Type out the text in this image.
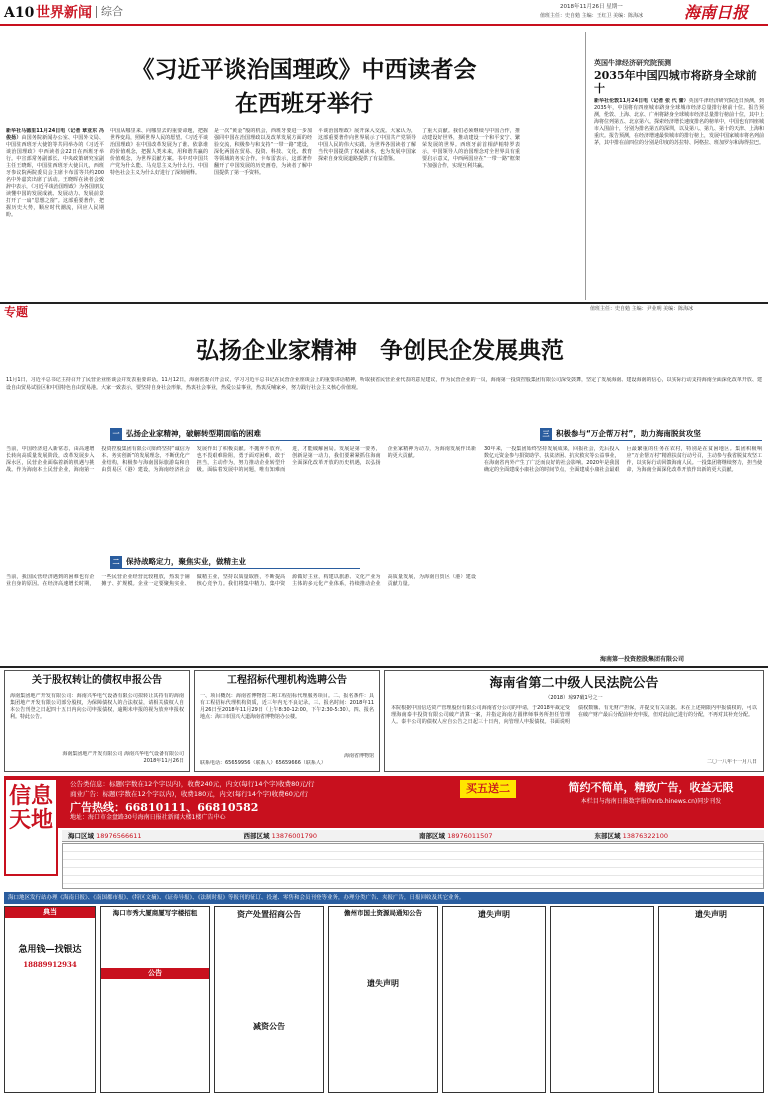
A10 世界新闻 综合	2018年11月26日 星期一
值班主任：史自勉 主编：王红卫 美编：陈海冰	海南日报
《习近平谈治国理政》中西读者会
在西班牙举行
新华社马德里11月24日电（记者 章亚东 冯俊扬）由国务院新闻办公室、中国外文局、中国驻西班牙大使馆等共同举办的《习近平谈治国理政》中西读者会22日在西班牙举行。中宣部常务副部长、中央政策研究室副主任王晓晖，中国驻西班牙大使吕凡，西班牙参议院两院委员会主席卡布雷等共约200名中外嘉宾出席了活动。王晓晖在读者会致辞中表示，《习近平谈治国理政》为各国朋友读懂中国的发展成就、发展动力、发展前景打开了一扇“思想之窗”。这部重要著作，把握历史大势，顺应时代潮流，回应人民期盼。
中国从哪里来、向哪里去的重要命题，把握世界变局，照顾世界人民的愿望。《习近平谈治国理政》在中国改革发展为了谁、依靠谁的价值观念，把握人类未来，用和谐共赢的价值观念，为世界贡献方案。书中对中国共产党为什么能、马克思主义为什么行、中国特色社会主义为什么好进行了深刻阐释。
是一次“黄金”般的机会，西班牙要进一步加强同中国在治国理政以及改革发展方面的经验交流，积极参与和支持“一带一路”建设，深化两国在贸易、投资、科技、文化、教育等领域的务实合作。卡布雷表示，这部著作翻开了中国发展的历史画卷，为读者了解中国提供了第一手资料。
平谈治国理政》展开深入交流。大家认为，这部重要著作向世界展示了中国共产党领导中国人民的伟大实践，为世界各国读者了解当代中国提供了权威读本，也为发展中国家探索自身发展道路提供了有益借鉴。
了重大贡献。我们必须继续与中国合作，推动建设好世界，推动建设一个和平安宁、繁荣发展的世界。西班牙前首相萨帕特罗表示，中国领导人的治国理念对全世界具有重要启示意义，中西两国应在“一带一路”框架下加强合作，实现互利共赢。
英国牛津经济研究院预测
2035年中国四城市将跻身全球前十
新华社伦敦11月24日电（记者 张 代 蕾）英国牛津经济研究院近日预测，到2035年，中国将有四座城市跻身全球城市经济总量排行榜前十位。报告预测，伦敦、上海、北京、广州将跻身全球城市经济总量排行榜前十位，其中上海将位列第五、北京第六。探索经济增长速度排名的榜单中，中国也有四座城市入围前十，分别为排名第五的深圳，以及第八、第九、第十的天津、上海和重庆。报告预测，在经济增速最快城市的排行榜上，发展中国家城市将名列前茅，其中排在前四位的分别是印度的苏拉特、阿格拉、班加罗尔和海得拉巴。
专题	值班主任：史自勉 主编：尹业明 美编：陈海冰
弘扬企业家精神　争创民企发展典范
11月1日，习近平总书记主持召开了民营企业座谈会并发表重要讲话。11月12日，海南省委召开会议，学习习近平总书记在民营企业座谈会上的重要讲话精神，听取我省民营企业代表的意见建议，作为民营企业的一员，海南第一投资控股集团有限公司深受鼓舞，坚定了发展海南、建设海南的信心，以实际行动支持海南全面深化改革开放、建设自由贸易试验区和中国特色自由贸易港。大家一致表示，要坚持自身社会形象，热衷社会事业，热爱公益事业，热衷反哺家乡，努力践行社会主义核心价值观。
一 弘扬企业家精神，破解转型期面临的困难
当前，中国经济进入新常态，由高速增长转向高质量发展阶段，改革发展步入深水区，民营企业面临着新的机遇与挑战。作为海南本土民营企业，海南第一投资控股集团有限公司始终坚持“诚信为本、务实创新”的发展理念，不断优化产业结构，积极参与海南国际旅游岛和自由贸易区（港）建设，为海南经济社会发展作出了积极贡献。不抛弃不放弃，也不畏艰难险阻，勇于面对困难，敢于担当，主动作为，努力推动企业转型升级。面临着发展中的问题，唯有知难而进，才能破解困局。发展是第一要务，创新是第一动力，我们要紧紧抓住海南全面深化改革开放的历史机遇，以弘扬企业家精神为动力，为海南发展作出新的更大贡献。
二 保持战略定力，聚焦实业，做精主业
当前，我国民营经济遇到的困难也有企业自身的原因。在经济高速增长时期，一些民营企业经营比较粗放，热衷于铺摊子、扩规模。企业一定要聚焦实业、做精主业，坚持以质量取胜，不断提高核心竞争力。我们将集中精力、集中资源做好主业，构建以旅游、文化产业为主体的多元化产业体系，持续推动企业高质量发展，为海南自贸区（港）建设贡献力量。
三 积极参与“万企帮万村”，助力海南脱贫攻坚
30年来，一投集团始终坚持发展成果，回报社会，先后投入数亿元资金参与捐资助学、扶贫济困、抗灾救灾等公益事业，在海南省内外产生了广泛而良好的社会影响。2020年是我国确定的全面建成小康社会的时间节点，全面建成小康社会最艰巨最繁重的任务在农村，特别是在贫困地区。集团积极响应“万企帮万村”精准扶贫行动号召，主动参与我省脱贫攻坚工作，以实际行动回馈海南人民。一投集团将继续努力，担当使命，为海南全面深化改革开放作出新的更大贡献。
海南第一投资控股集团有限公司
关于股权转让的债权申报公告
海南集团地产开发有限公司：海南兴华电气设备有限公司拟转让其持有的海南集团地产开发有限公司部分股权，为保障债权人的合法权益，请相关债权人自本公告刊登之日起四十五日内向公司申报债权，逾期未申报的视为放弃申报权利。特此公告。
海南集团地产开发有限公司 海南兴华电气设备有限公司
2018年11月26日
工程招标代理机构选聘公告
一、项目概况：海南省博物馆二期工程招标代理服务项目。二、报名条件：具有工程招标代理机构资质，近三年内无不良记录。三、报名时间：2018年11月26日至2018年11月29日（上午8:30-12:00，下午2:30-5:30）。四、报名地点：海口市国兴大道海南省博物馆办公楼。
海南省博物馆
联系电话：65659956（联系人）65659666（联系人）
海南省第二中级人民法院公告
（2018）琼97破1号之一
本院根据中国信达资产管理股份有限公司海南省分公司的申请，于2018年裁定受理海南泰丰投资有限公司破产清算一案，并指定海南方圆律师事务所担任管理人。泰丰公司的债权人应自公告之日起三十日内，向管理人申报债权。书面说明债权数额、有无财产担保，并提交有关证据。未在上述期限内申报债权的，可以在破产财产最后分配前补充申报，但对此前已进行的分配，不再对其补充分配。
二〇一八年十一月八日
信息天地
公告类信息：标题(字数在12个字以内)，收费240元，内文(每行14个字)收费80元/行
商业广告：标题(字数在12个字以内)，收费180元，内文(每行14个字)收费60元/行
广告热线：66810111、66810582
地址：海口市金盘路30号海南日报社新闻大楼1楼广告中心
买五送二	简约不简单，精致广告，收益无限
本栏目与海南日报数字报(hnrb.hinews.cn)同步刊发
海口区域 18976566611	西部区域 13876001790	南部区域 18976011507	东部区域 13876322100
海口地区发行站办理《海南日报》、《南国都市报》、《特区文摘》、《证券导报》、《法制时报》等报刊的征订、投递、零售和会员刊登等业务，办理分类广告、夹报广告，日报回收及其它业务。
典当
急用钱—找银达
18889912934
海口市秀大厦商厦写字楼招租
公告
资产处置招商公告
减资公告
儋州市国土资源局通知公告
遗失声明
遗失声明	遗失声明
